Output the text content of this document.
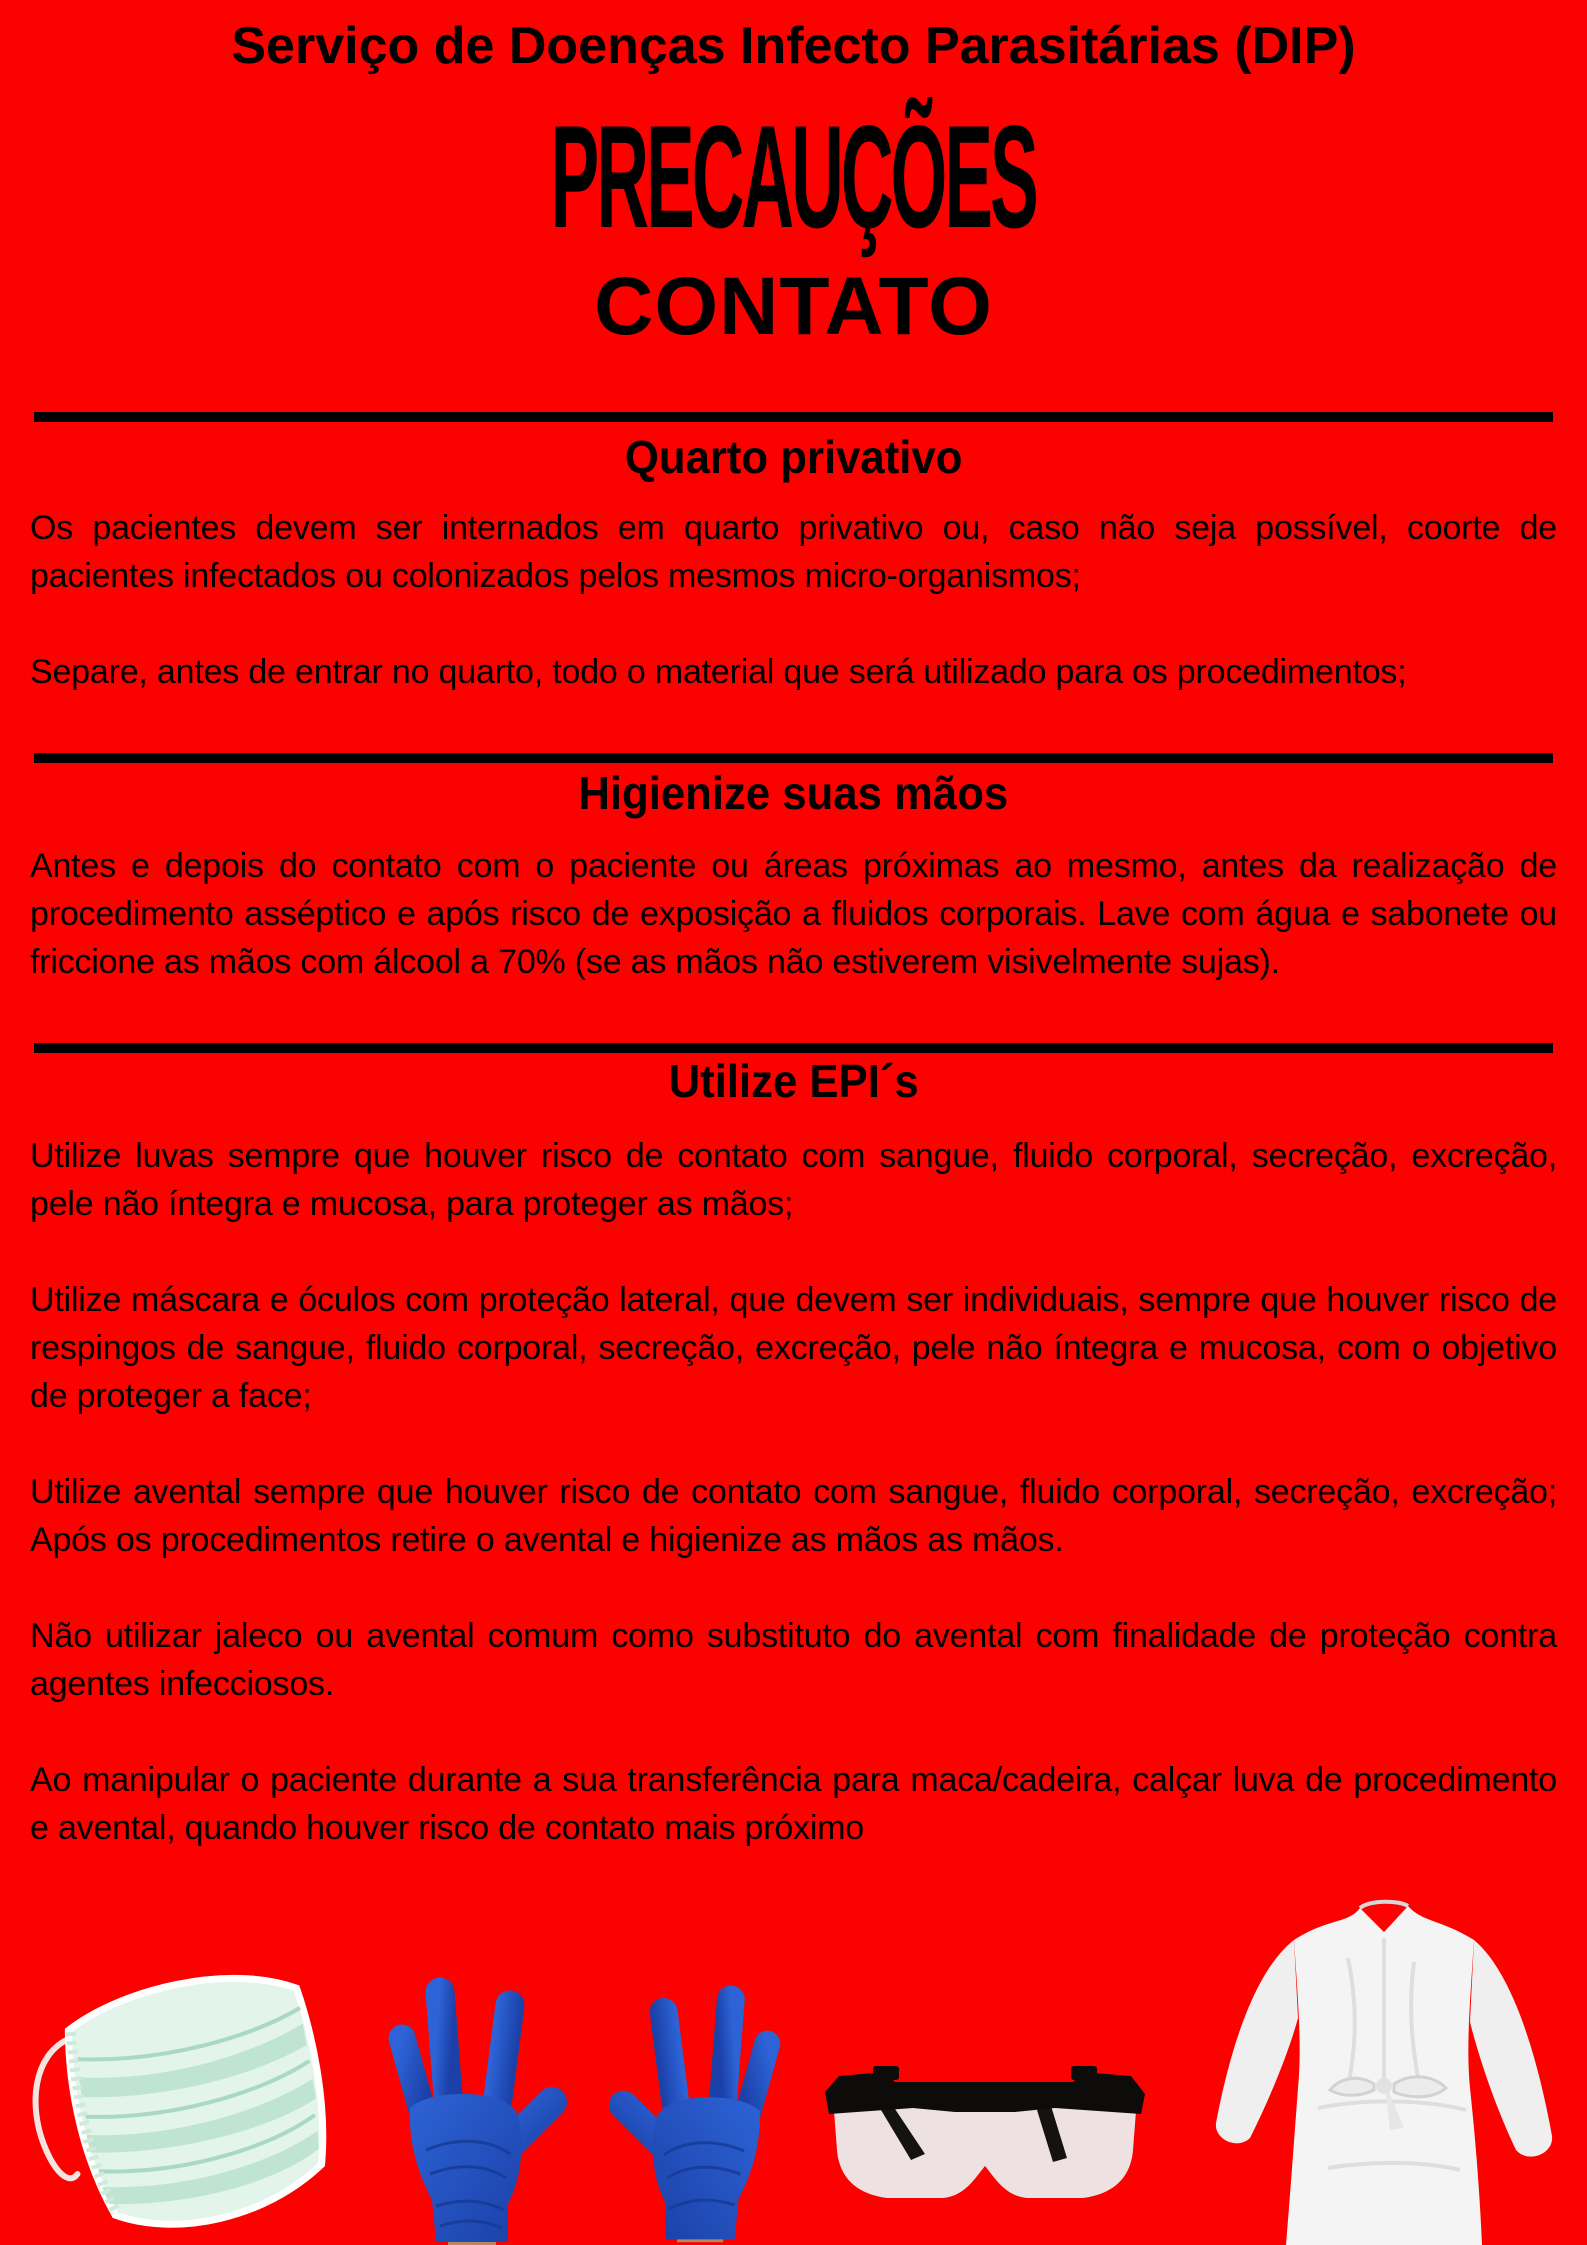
Serviço de Doenças Infecto Parasitárias (DIP)
PRECAUÇÕES
CONTATO
Quarto privativo

Os pacientes devem ser internados em quarto privativo ou, caso não seja possível, coorte de pacientes infectados ou colonizados pelos mesmos micro-organismos;

Separe, antes de entrar no quarto, todo o material que será utilizado para os procedimentos;

Higienize suas mãos

Antes e depois do contato com o paciente ou áreas próximas ao mesmo, antes da realização de procedimento asséptico e após risco de exposição a fluidos corporais. Lave com água e sabonete ou friccione as mãos com álcool a 70% (se as mãos não estiverem visivelmente sujas).

Utilize EPI´s

Utilize luvas sempre que houver risco de contato com sangue, fluido corporal, secreção, excreção, pele não íntegra e mucosa, para proteger as mãos;

Utilize máscara e óculos com proteção lateral, que devem ser individuais, sempre que houver risco de respingos de sangue, fluido corporal, secreção, excreção, pele não íntegra e mucosa, com o objetivo de proteger a face;

Utilize avental sempre que houver risco de contato com sangue, fluido corporal, secreção, excreção; Após os procedimentos retire o avental e higienize as mãos as mãos.

Não utilizar jaleco ou avental comum como substituto do avental com finalidade de proteção contra agentes infecciosos.

Ao manipular o paciente durante a sua transferência para maca/cadeira, calçar luva de procedimento e avental, quando houver risco de contato mais próximo
